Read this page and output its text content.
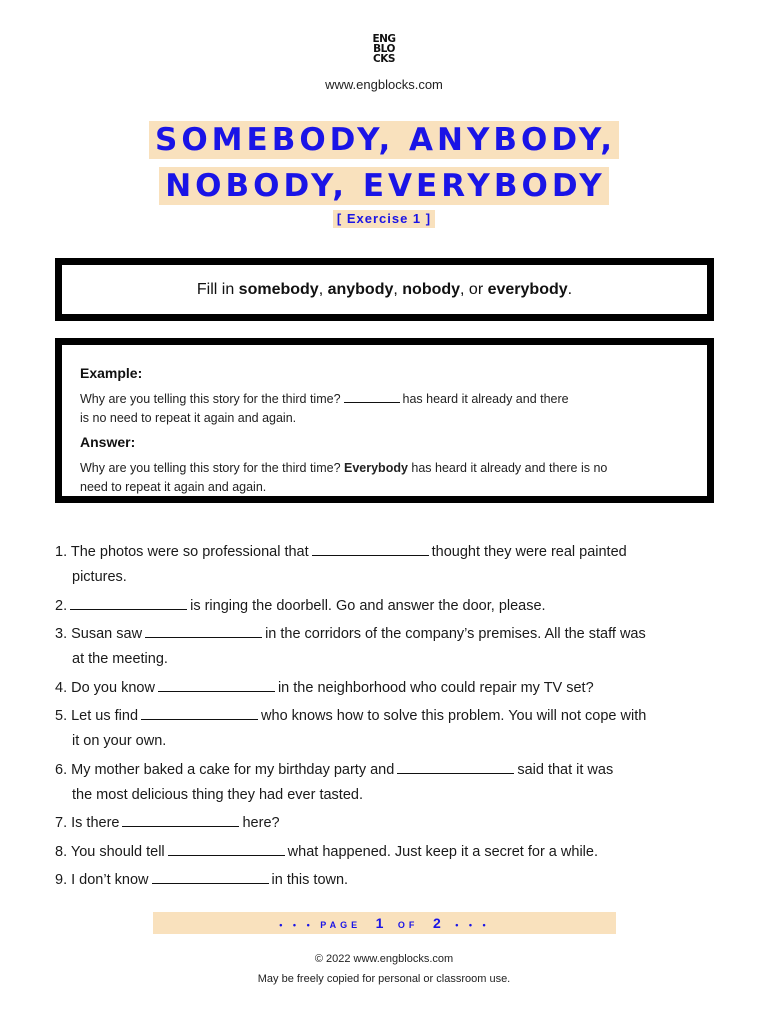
ENG
BLO
CKS
www.engblocks.com
SOMEBODY, ANYBODY,
NOBODY, EVERYBODY
[ Exercise 1 ]
Fill in somebody, anybody, nobody, or everybody.
Example:
Why are you telling this story for the third time?	has heard it already and there
is no need to repeat it again and again.
Answer:
Why are you telling this story for the third time? Everybody has heard it already and there is no
need to repeat it again and again.
1. The photos were so professional that	thought they were real painted
pictures.
2.	is ringing the doorbell. Go and answer the door, please.
3. Susan saw	in the corridors of the company’s premises. All the staff was
at the meeting.
4. Do you know	in the neighborhood who could repair my TV set?
5. Let us find	who knows how to solve this problem. You will not cope with
it on your own.
6. My mother baked a cake for my birthday party and	said that it was
the most delicious thing they had ever tasted.
7. Is there	here?
8. You should tell	what happened. Just keep it a secret for a while.
9. I don’t know	in this town.
• • • PAGE 1 OF 2 • • •
© 2022 www.engblocks.com
May be freely copied for personal or classroom use.
